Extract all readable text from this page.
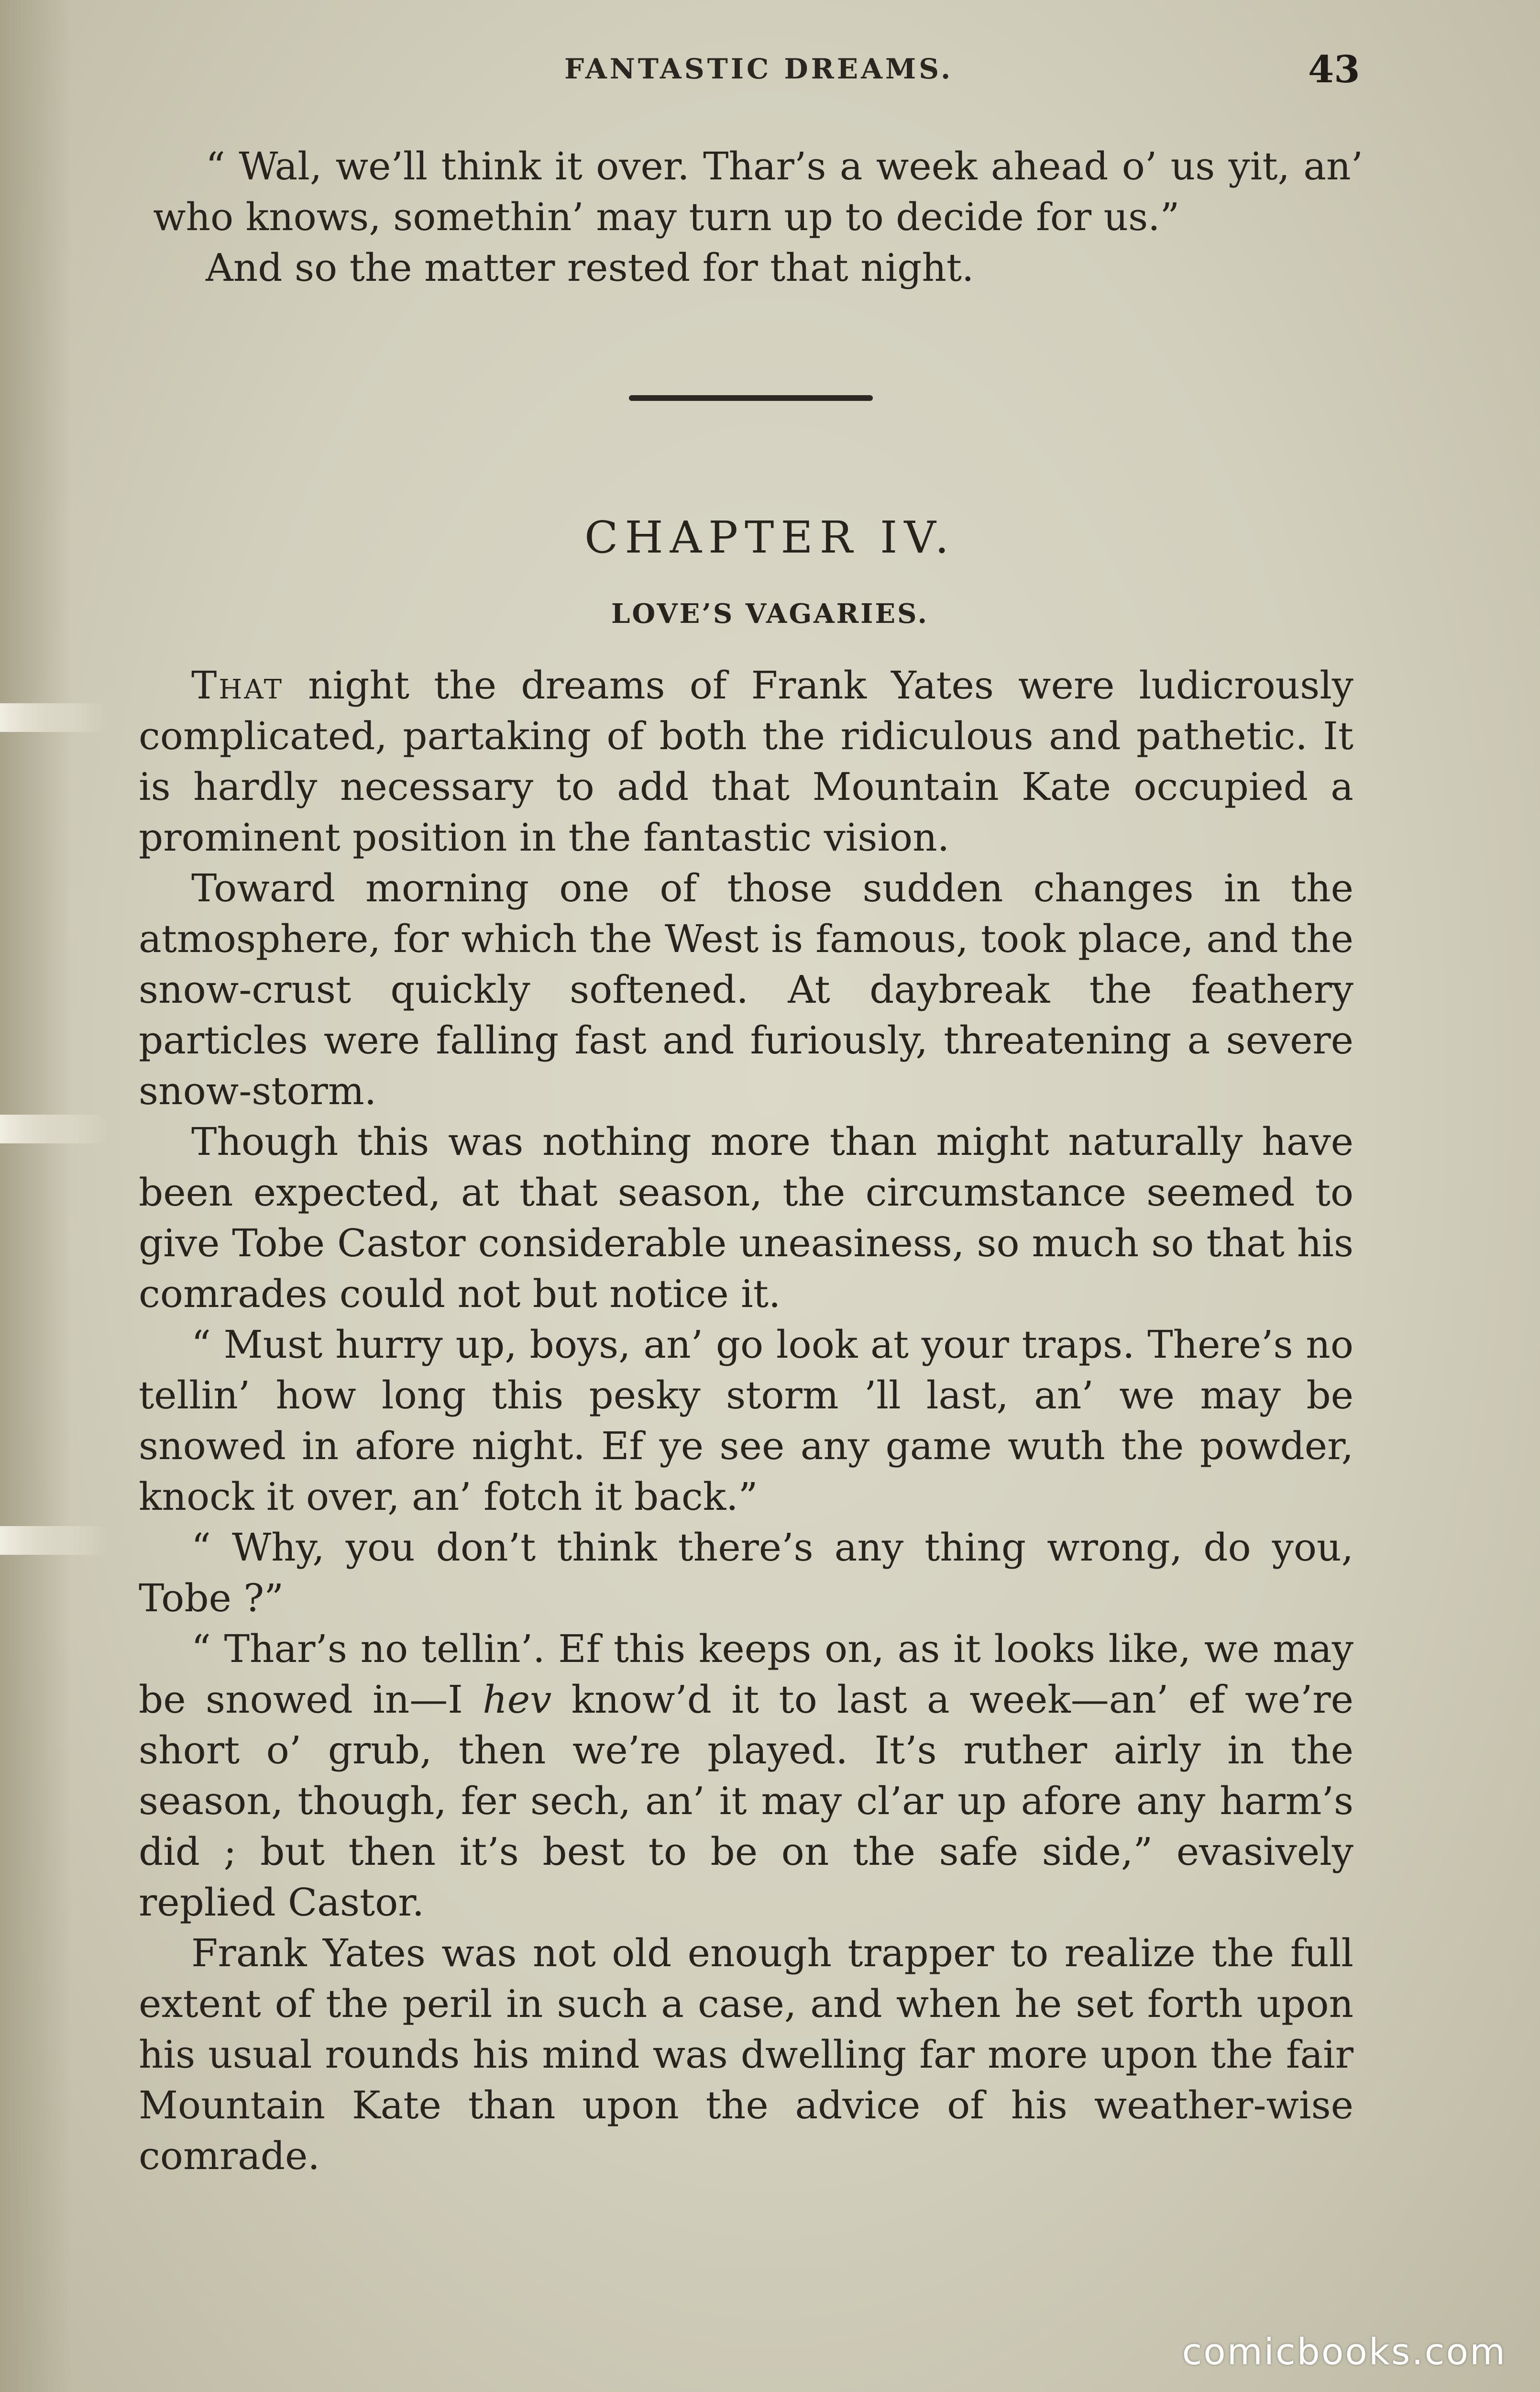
FANTASTIC DREAMS.	43

“ Wal, we’ll think it over. Thar’s a week ahead o’ us yit, an’ who knows, somethin’ may turn up to decide for us.”

And so the matter rested for that night.

CHAPTER IV.
LOVE’S VAGARIES.

That night the dreams of Frank Yates were ludicrously complicated, partaking of both the ridiculous and pathetic. It is hardly necessary to add that Mountain Kate occupied a prominent position in the fantastic vision.

Toward morning one of those sudden changes in the atmosphere, for which the West is famous, took place, and the snow-crust quickly softened. At daybreak the feathery particles were falling fast and furiously, threatening a severe snow-storm.

Though this was nothing more than might naturally have been expected, at that season, the circumstance seemed to give Tobe Castor considerable uneasiness, so much so that his comrades could not but notice it.

“ Must hurry up, boys, an’ go look at your traps. There’s no tellin’ how long this pesky storm ’ll last, an’ we may be snowed in afore night. Ef ye see any game wuth the powder, knock it over, an’ fotch it back.”

“ Why, you don’t think there’s any thing wrong, do you, Tobe ?”

“ Thar’s no tellin’. Ef this keeps on, as it looks like, we may be snowed in—I hev know’d it to last a week—an’ ef we’re short o’ grub, then we’re played. It’s ruther airly in the season, though, fer sech, an’ it may cl’ar up afore any harm’s did ; but then it’s best to be on the safe side,” evasively replied Castor.

Frank Yates was not old enough trapper to realize the full extent of the peril in such a case, and when he set forth upon his usual rounds his mind was dwelling far more upon the fair Mountain Kate than upon the advice of his weather-wise comrade.

comicbooks.com
